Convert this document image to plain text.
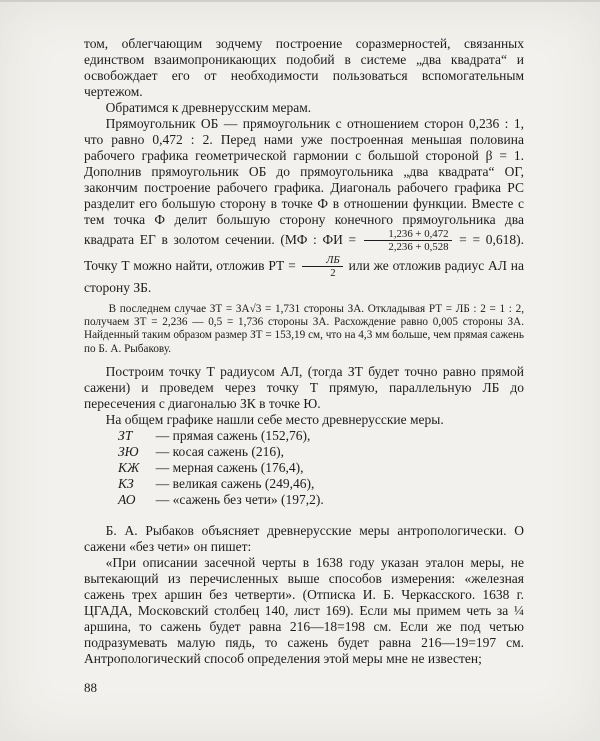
том, облегчающим зодчему построение соразмерностей, связанных единством взаимопроникающих подобий в системе „два квадрата“ и освобождает его от необходимости пользоваться вспомогательным чертежом.

Обратимся к древнерусским мерам.

Прямоугольник ОБ — прямоугольник с отношением сторон 0,236 : 1, что равно 0,472 : 2. Перед нами уже построенная меньшая половина рабочего графика геометрической гармонии с большой стороной β = 1. Дополнив прямоугольник ОБ до прямоугольника „два квадрата“ ОГ, закончим построение рабочего графика. Диагональ рабочего графика РС разделит его большую сторону в точке Ф в отношении функции. Вместе с тем точка Ф делит большую сторону конечного прямоугольника два квадрата ЕГ в золотом сечении. (МФ : ФИ = $\frac{1,236 + 0,472}{2,236 + 0,528}$ = = 0,618). Точку Т можно найти, отложив РТ = $\frac{ЛБ}{2}$ или же отложив радиус АЛ на сторону ЗБ.

В последнем случае ЗТ = ЗА√3 = 1,731 стороны ЗА. Откладывая РТ = ЛБ : 2 = 1 : 2, получаем ЗТ = 2,236 — 0,5 = 1,736 стороны ЗА. Расхождение равно 0,005 стороны ЗА. Найденный таким образом размер ЗТ = 153,19 см, что на 4,3 мм больше, чем прямая сажень по Б. А. Рыбакову.

Построим точку Т радиусом АЛ, (тогда ЗТ будет точно равно прямой сажени) и проведем через точку Т прямую, параллельную ЛБ до пересечения с диагональю ЗК в точке Ю.

На общем графике нашли себе место древнерусские меры.

ЗТ	— прямая сажень (152,76),
ЗЮ	— косая сажень (216),
КЖ	— мерная сажень (176,4),
КЗ	— великая сажень (249,46),
АО	— «сажень без чети» (197,2).

Б. А. Рыбаков объясняет древнерусские меры антропологически. О сажени «без чети» он пишет:

«При описании засечной черты в 1638 году указан эталон меры, не вытекающий из перечисленных выше способов измерения: «железная сажень трех аршин без четверти». (Отписка И. Б. Черкасского. 1638 г. ЦГАДА, Московский столбец 140, лист 169). Если мы примем четь за ¼ аршина, то сажень будет равна 216—18=198 см. Если же под четью подразумевать малую пядь, то сажень будет равна 216—19=197 см. Антропологический способ определения этой меры мне не известен;

88
